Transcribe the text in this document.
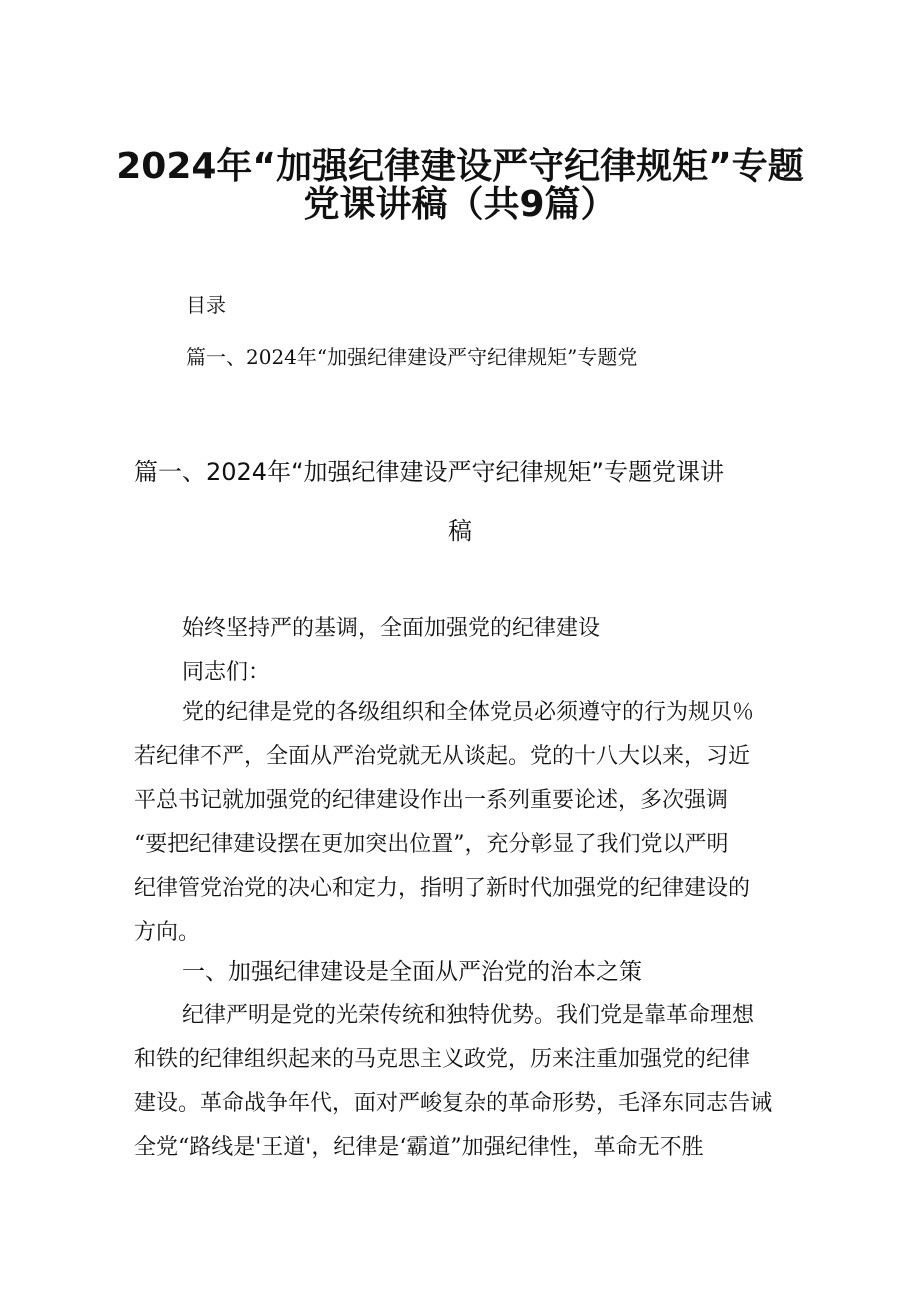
2024年“加强纪律建设严守纪律规矩”专题
党课讲稿（共9篇）
目录
篇一、2024年“加强纪律建设严守纪律规矩”专题党
篇一、2024年“加强纪律建设严守纪律规矩”专题党课讲
稿
始终坚持严的基调，全面加强党的纪律建设
同志们：
党的纪律是党的各级组织和全体党员必须遵守的行为规贝％
若纪律不严，全面从严治党就无从谈起。党的十八大以来，习近
平总书记就加强党的纪律建设作出一系列重要论述，多次强调
“要把纪律建设摆在更加突出位置”，充分彰显了我们党以严明
纪律管党治党的决心和定力，指明了新时代加强党的纪律建设的
方向。
一、加强纪律建设是全面从严治党的治本之策
纪律严明是党的光荣传统和独特优势。我们党是靠革命理想
和铁的纪律组织起来的马克思主义政党，历来注重加强党的纪律
建设。革命战争年代，面对严峻复杂的革命形势，毛泽东同志告诫
全党“路线是'王道'，纪律是‘霸道”加强纪律性，革命无不胜
